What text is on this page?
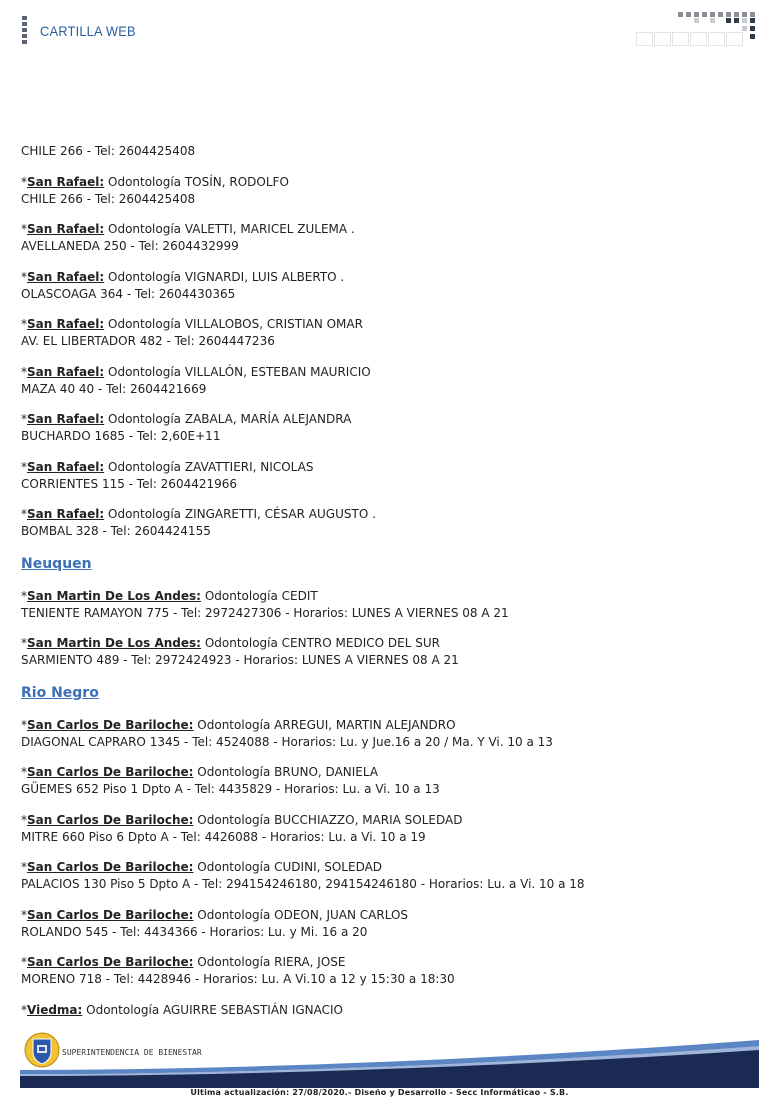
CARTILLA WEB
CHILE 266 - Tel: 2604425408
*San Rafael: Odontología TOSÍN, RODOLFO
CHILE 266 - Tel: 2604425408
*San Rafael: Odontología VALETTI, MARICEL ZULEMA .
AVELLANEDA 250 - Tel: 2604432999
*San Rafael: Odontología VIGNARDI, LUIS ALBERTO .
OLASCOAGA 364 - Tel: 2604430365
*San Rafael: Odontología VILLALOBOS, CRISTIAN OMAR
AV. EL LIBERTADOR 482 - Tel: 2604447236
*San Rafael: Odontología VILLALÓN, ESTEBAN MAURICIO
MAZA 40 40 - Tel: 2604421669
*San Rafael: Odontología ZABALA, MARÍA ALEJANDRA
BUCHARDO 1685 - Tel: 2,60E+11
*San Rafael: Odontología ZAVATTIERI, NICOLAS
CORRIENTES 115 - Tel: 2604421966
*San Rafael: Odontología ZINGARETTI, CÉSAR AUGUSTO .
BOMBAL 328 - Tel: 2604424155
Neuquen
*San Martin De Los Andes: Odontología CEDIT
TENIENTE RAMAYON 775 - Tel: 2972427306 - Horarios: LUNES A VIERNES 08 A 21
*San Martin De Los Andes: Odontología CENTRO MEDICO DEL SUR
SARMIENTO 489 - Tel: 2972424923 - Horarios: LUNES A VIERNES 08 A 21
Rio Negro
*San Carlos De Bariloche: Odontología ARREGUI, MARTIN ALEJANDRO
DIAGONAL CAPRARO 1345 - Tel: 4524088 - Horarios: Lu. y Jue.16 a 20 / Ma. Y Vi. 10 a 13
*San Carlos De Bariloche: Odontología BRUNO, DANIELA
GÜEMES 652 Piso 1 Dpto A - Tel: 4435829 - Horarios: Lu. a Vi. 10 a 13
*San Carlos De Bariloche: Odontología BUCCHIAZZO, MARIA SOLEDAD
MITRE 660 Piso 6 Dpto A - Tel: 4426088 - Horarios: Lu. a Vi. 10 a 19
*San Carlos De Bariloche: Odontología CUDINI, SOLEDAD
PALACIOS 130 Piso 5 Dpto A - Tel: 294154246180, 294154246180 - Horarios: Lu. a Vi. 10 a 18
*San Carlos De Bariloche: Odontología ODEON, JUAN CARLOS
ROLANDO 545 - Tel: 4434366 - Horarios: Lu. y Mi. 16 a 20
*San Carlos De Bariloche: Odontología RIERA, JOSE
MORENO 718 - Tel: 4428946 - Horarios: Lu. A Vi.10 a 12 y 15:30 a 18:30
*Viedma: Odontología AGUIRRE SEBASTIÁN IGNACIO
SUPERINTENDENCIA DE BIENESTAR
Ultima actualización: 27/08/2020.- Diseño y Desarrollo - Secc Informáticao - S.B.
